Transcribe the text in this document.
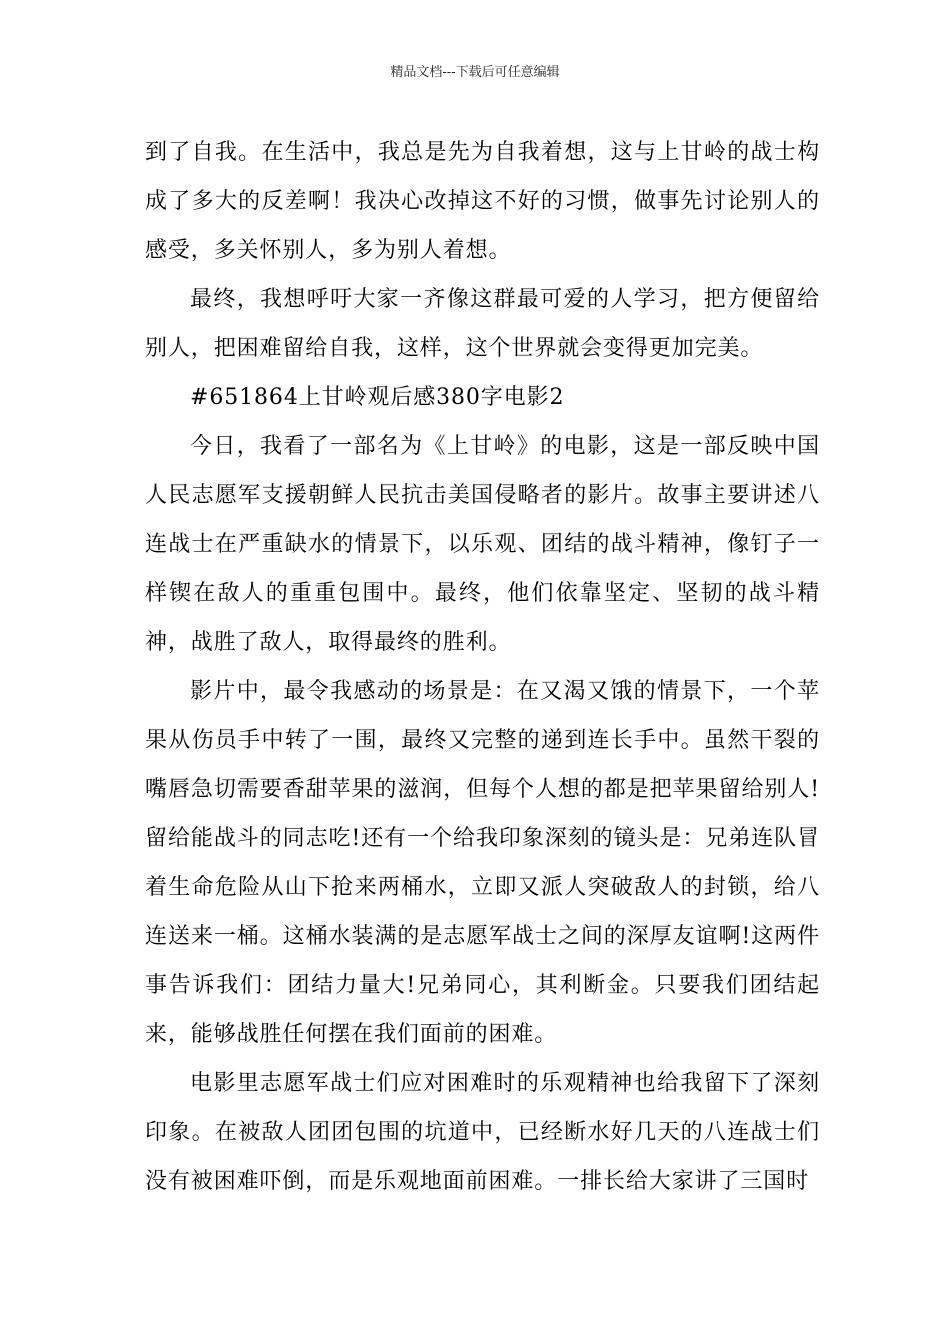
精品文档---下载后可任意编辑

到了自我。在生活中，我总是先为自我着想，这与上甘岭的战士构成了多大的反差啊！我决心改掉这不好的习惯，做事先讨论别人的感受，多关怀别人，多为别人着想。

最终，我想呼吁大家一齐像这群最可爱的人学习，把方便留给别人，把困难留给自我，这样，这个世界就会变得更加完美。

#651864上甘岭观后感380字电影2

今日，我看了一部名为《上甘岭》的电影，这是一部反映中国人民志愿军支援朝鲜人民抗击美国侵略者的影片。故事主要讲述八连战士在严重缺水的情景下，以乐观、团结的战斗精神，像钉子一样锲在敌人的重重包围中。最终，他们依靠坚定、坚韧的战斗精神，战胜了敌人，取得最终的胜利。

影片中，最令我感动的场景是：在又渴又饿的情景下，一个苹果从伤员手中转了一围，最终又完整的递到连长手中。虽然干裂的嘴唇急切需要香甜苹果的滋润，但每个人想的都是把苹果留给别人!留给能战斗的同志吃!还有一个给我印象深刻的镜头是：兄弟连队冒着生命危险从山下抢来两桶水，立即又派人突破敌人的封锁，给八连送来一桶。这桶水装满的是志愿军战士之间的深厚友谊啊!这两件事告诉我们：团结力量大!兄弟同心，其利断金。只要我们团结起来，能够战胜任何摆在我们面前的困难。

电影里志愿军战士们应对困难时的乐观精神也给我留下了深刻印象。在被敌人团团包围的坑道中，已经断水好几天的八连战士们没有被困难吓倒，而是乐观地面前困难。一排长给大家讲了三国时
